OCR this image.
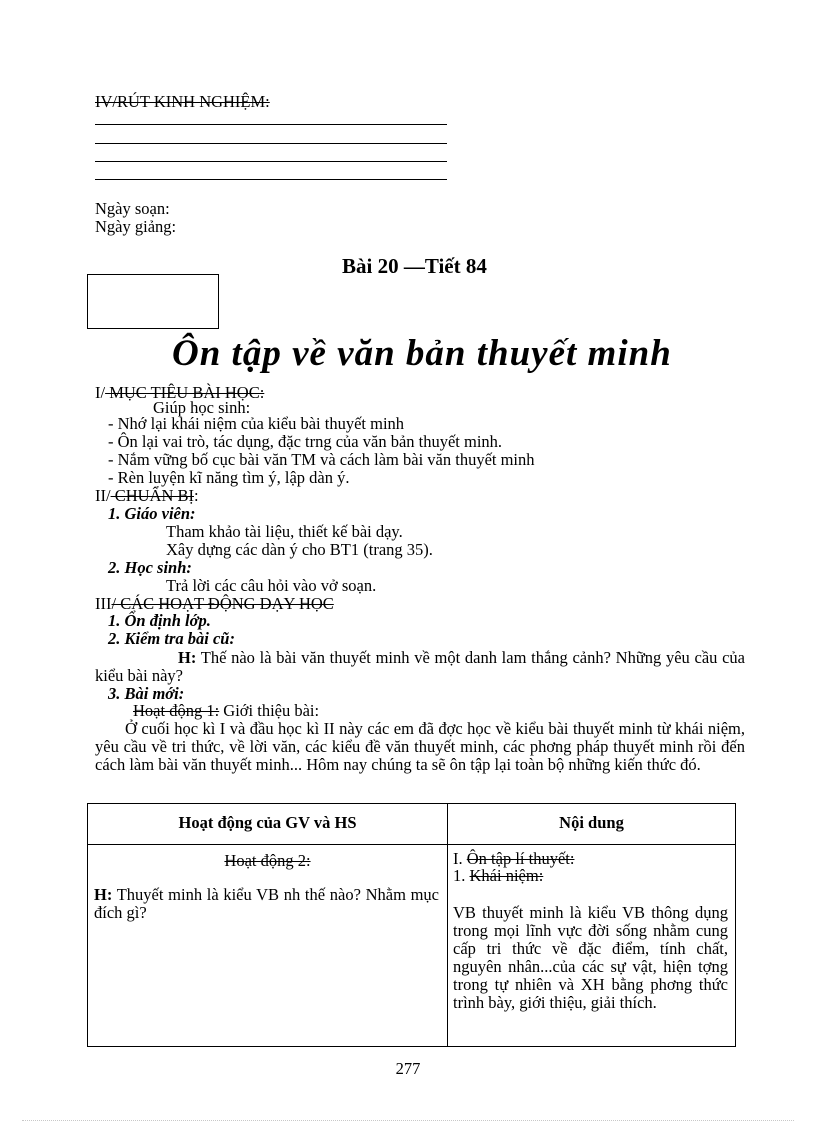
IV/RÚT KINH NGHIỆM:
Ngày soạn:
Ngày giảng:
Bài 20 —Tiết 84
Ôn tập về văn bản thuyết minh
I/ MỤC TIÊU BÀI HỌC:
Giúp học sinh:
- Nhớ lại khái niệm của kiểu bài thuyết minh
- Ôn lại vai trò, tác dụng, đặc trng của văn bản thuyết minh.
- Nắm vững bố cục bài văn TM và cách làm bài văn thuyết minh
- Rèn luyện kĩ năng tìm ý, lập dàn ý.
II/ CHUẨN BỊ:
1. Giáo viên:
Tham khảo tài liệu, thiết kế bài dạy.
Xây dựng các dàn ý cho BT1 (trang 35).
2. Học sinh:
Trả lời các câu hỏi vào vở soạn.
III/ CÁC HOẠT ĐỘNG DẠY HỌC
1. Ổn định lớp.
2. Kiểm tra bài cũ:
H: Thế nào là bài văn thuyết minh về một danh lam thắng cảnh? Những yêu cầu của kiểu bài này?
3. Bài mới:
Hoạt động 1: Giới thiệu bài:
Ở cuối học kì I và đầu học kì II này các em đã đợc học về kiểu bài thuyết minh từ khái niệm, yêu cầu về tri thức, về lời văn, các kiểu đề văn thuyết minh, các phơng pháp thuyết minh rồi đến cách làm bài văn thuyết minh... Hôm nay chúng ta sẽ ôn tập lại toàn bộ những kiến thức đó.
Hoạt động của GV và HS	Nội dung
Hoạt động 2:
H: Thuyết minh là kiểu VB nh thế nào? Nhằm mục đích gì?
I. Ôn tập lí thuyết:
1. Khái niệm:
VB thuyết minh là kiểu VB thông dụng trong mọi lĩnh vực đời sống nhằm cung cấp tri thức về đặc điểm, tính chất, nguyên nhân...của các sự vật, hiện tợng trong tự nhiên và XH bằng phơng thức trình bày, giới thiệu, giải thích.
277
